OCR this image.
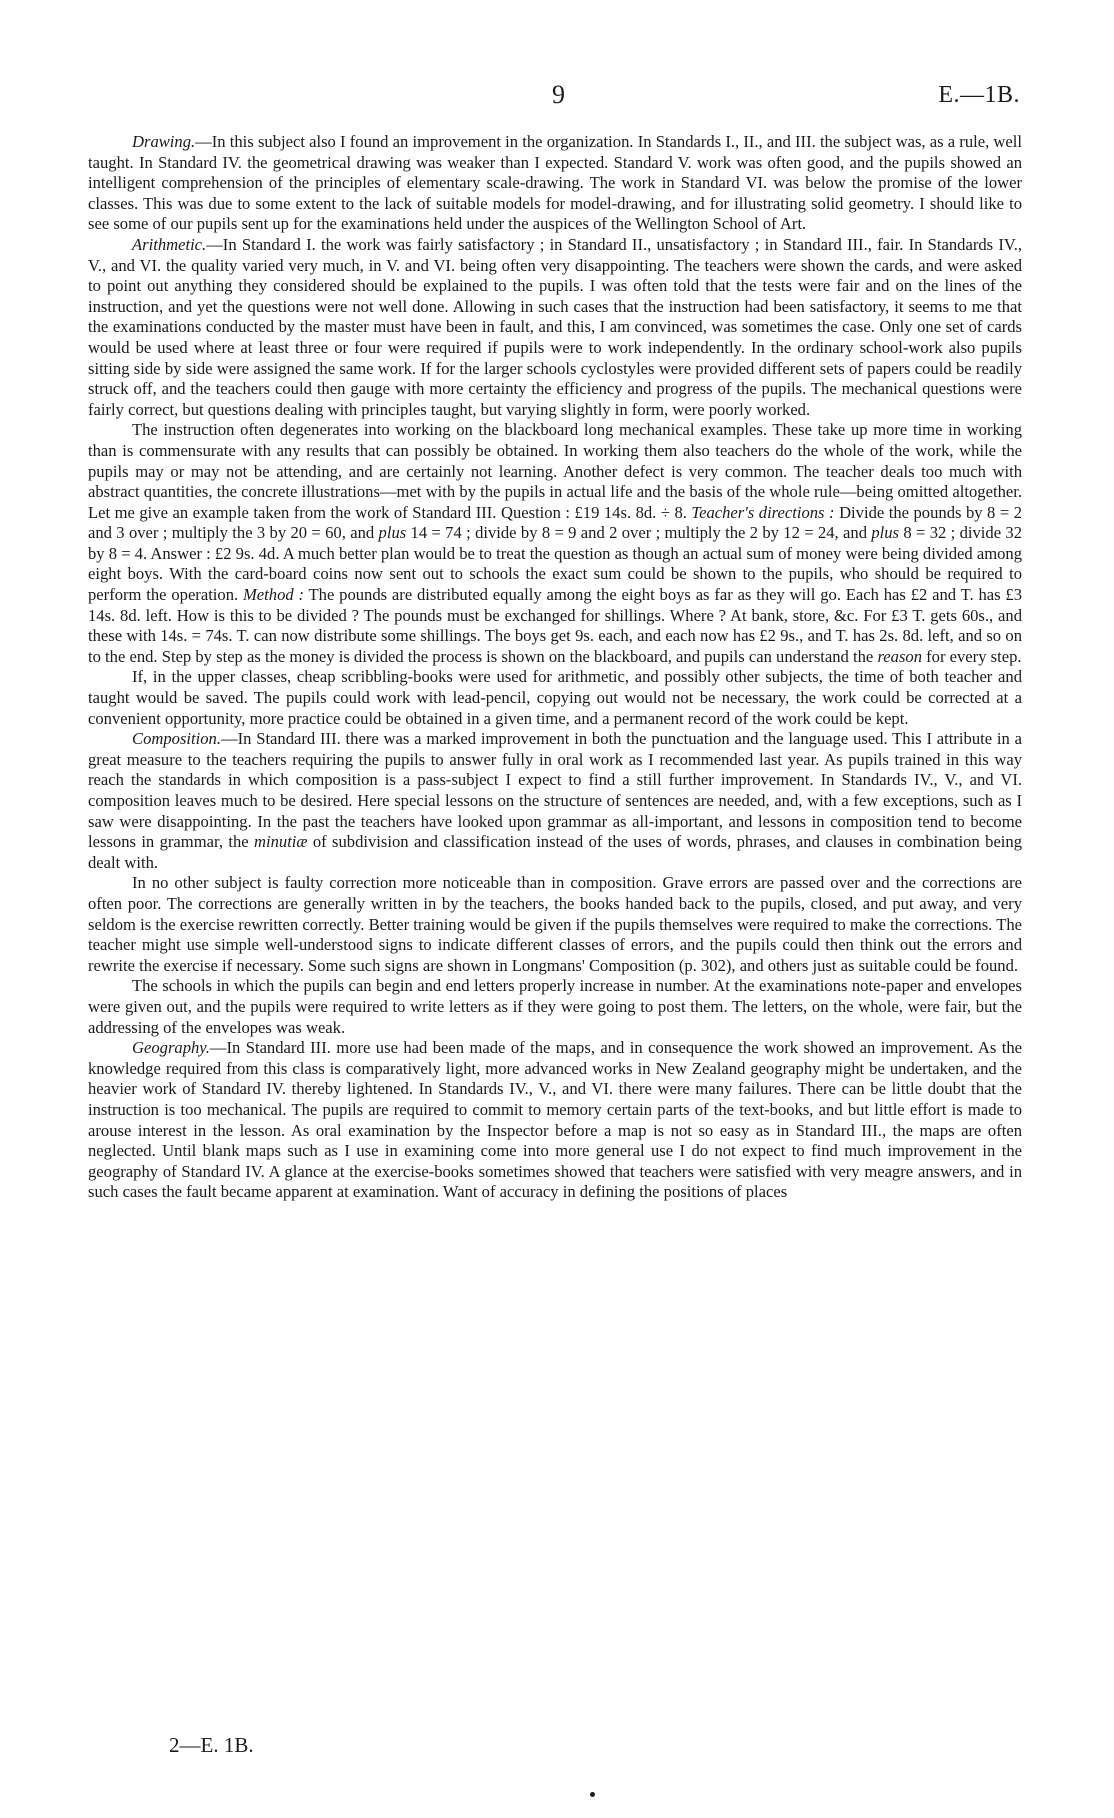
9	E.—1B.

Drawing.—In this subject also I found an improvement in the organization. In Standards I., II., and III. the subject was, as a rule, well taught. In Standard IV. the geometrical drawing was weaker than I expected. Standard V. work was often good, and the pupils showed an intelligent comprehension of the principles of elementary scale-drawing. The work in Standard VI. was below the promise of the lower classes. This was due to some extent to the lack of suitable models for model-drawing, and for illustrating solid geometry. I should like to see some of our pupils sent up for the examinations held under the auspices of the Wellington School of Art.

Arithmetic.—In Standard I. the work was fairly satisfactory ; in Standard II., unsatisfactory ; in Standard III., fair. In Standards IV., V., and VI. the quality varied very much, in V. and VI. being often very disappointing. The teachers were shown the cards, and were asked to point out anything they considered should be explained to the pupils. I was often told that the tests were fair and on the lines of the instruction, and yet the questions were not well done. Allowing in such cases that the instruction had been satisfactory, it seems to me that the examinations conducted by the master must have been in fault, and this, I am convinced, was sometimes the case. Only one set of cards would be used where at least three or four were required if pupils were to work independently. In the ordinary school-work also pupils sitting side by side were assigned the same work. If for the larger schools cyclostyles were provided different sets of papers could be readily struck off, and the teachers could then gauge with more certainty the efficiency and progress of the pupils. The mechanical questions were fairly correct, but questions dealing with principles taught, but varying slightly in form, were poorly worked.

The instruction often degenerates into working on the blackboard long mechanical examples. These take up more time in working than is commensurate with any results that can possibly be obtained. In working them also teachers do the whole of the work, while the pupils may or may not be attending, and are certainly not learning. Another defect is very common. The teacher deals too much with abstract quantities, the concrete illustrations—met with by the pupils in actual life and the basis of the whole rule—being omitted altogether. Let me give an example taken from the work of Standard III. Question : £19 14s. 8d. ÷ 8. Teacher's directions : Divide the pounds by 8 = 2 and 3 over ; multiply the 3 by 20 = 60, and plus 14 = 74 ; divide by 8 = 9 and 2 over ; multiply the 2 by 12 = 24, and plus 8 = 32 ; divide 32 by 8 = 4. Answer : £2 9s. 4d. A much better plan would be to treat the question as though an actual sum of money were being divided among eight boys. With the card-board coins now sent out to schools the exact sum could be shown to the pupils, who should be required to perform the operation. Method : The pounds are distributed equally among the eight boys as far as they will go. Each has £2 and T. has £3 14s. 8d. left. How is this to be divided ? The pounds must be exchanged for shillings. Where ? At bank, store, &c. For £3 T. gets 60s., and these with 14s. = 74s. T. can now distribute some shillings. The boys get 9s. each, and each now has £2 9s., and T. has 2s. 8d. left, and so on to the end. Step by step as the money is divided the process is shown on the blackboard, and pupils can understand the reason for every step.

If, in the upper classes, cheap scribbling-books were used for arithmetic, and possibly other subjects, the time of both teacher and taught would be saved. The pupils could work with lead-pencil, copying out would not be necessary, the work could be corrected at a convenient opportunity, more practice could be obtained in a given time, and a permanent record of the work could be kept.

Composition.—In Standard III. there was a marked improvement in both the punctuation and the language used. This I attribute in a great measure to the teachers requiring the pupils to answer fully in oral work as I recommended last year. As pupils trained in this way reach the standards in which composition is a pass-subject I expect to find a still further improvement. In Standards IV., V., and VI. composition leaves much to be desired. Here special lessons on the structure of sentences are needed, and, with a few exceptions, such as I saw were disappointing. In the past the teachers have looked upon grammar as all-important, and lessons in composition tend to become lessons in grammar, the minutiæ of subdivision and classification instead of the uses of words, phrases, and clauses in combination being dealt with.

In no other subject is faulty correction more noticeable than in composition. Grave errors are passed over and the corrections are often poor. The corrections are generally written in by the teachers, the books handed back to the pupils, closed, and put away, and very seldom is the exercise rewritten correctly. Better training would be given if the pupils themselves were required to make the corrections. The teacher might use simple well-understood signs to indicate different classes of errors, and the pupils could then think out the errors and rewrite the exercise if necessary. Some such signs are shown in Longmans' Composition (p. 302), and others just as suitable could be found.

The schools in which the pupils can begin and end letters properly increase in number. At the examinations note-paper and envelopes were given out, and the pupils were required to write letters as if they were going to post them. The letters, on the whole, were fair, but the addressing of the envelopes was weak.

Geography.—In Standard III. more use had been made of the maps, and in consequence the work showed an improvement. As the knowledge required from this class is comparatively light, more advanced works in New Zealand geography might be undertaken, and the heavier work of Standard IV. thereby lightened. In Standards IV., V., and VI. there were many failures. There can be little doubt that the instruction is too mechanical. The pupils are required to commit to memory certain parts of the text-books, and but little effort is made to arouse interest in the lesson. As oral examination by the Inspector before a map is not so easy as in Standard III., the maps are often neglected. Until blank maps such as I use in examining come into more general use I do not expect to find much improvement in the geography of Standard IV. A glance at the exercise-books sometimes showed that teachers were satisfied with very meagre answers, and in such cases the fault became apparent at examination. Want of accuracy in defining the positions of places

2—E. 1B.
